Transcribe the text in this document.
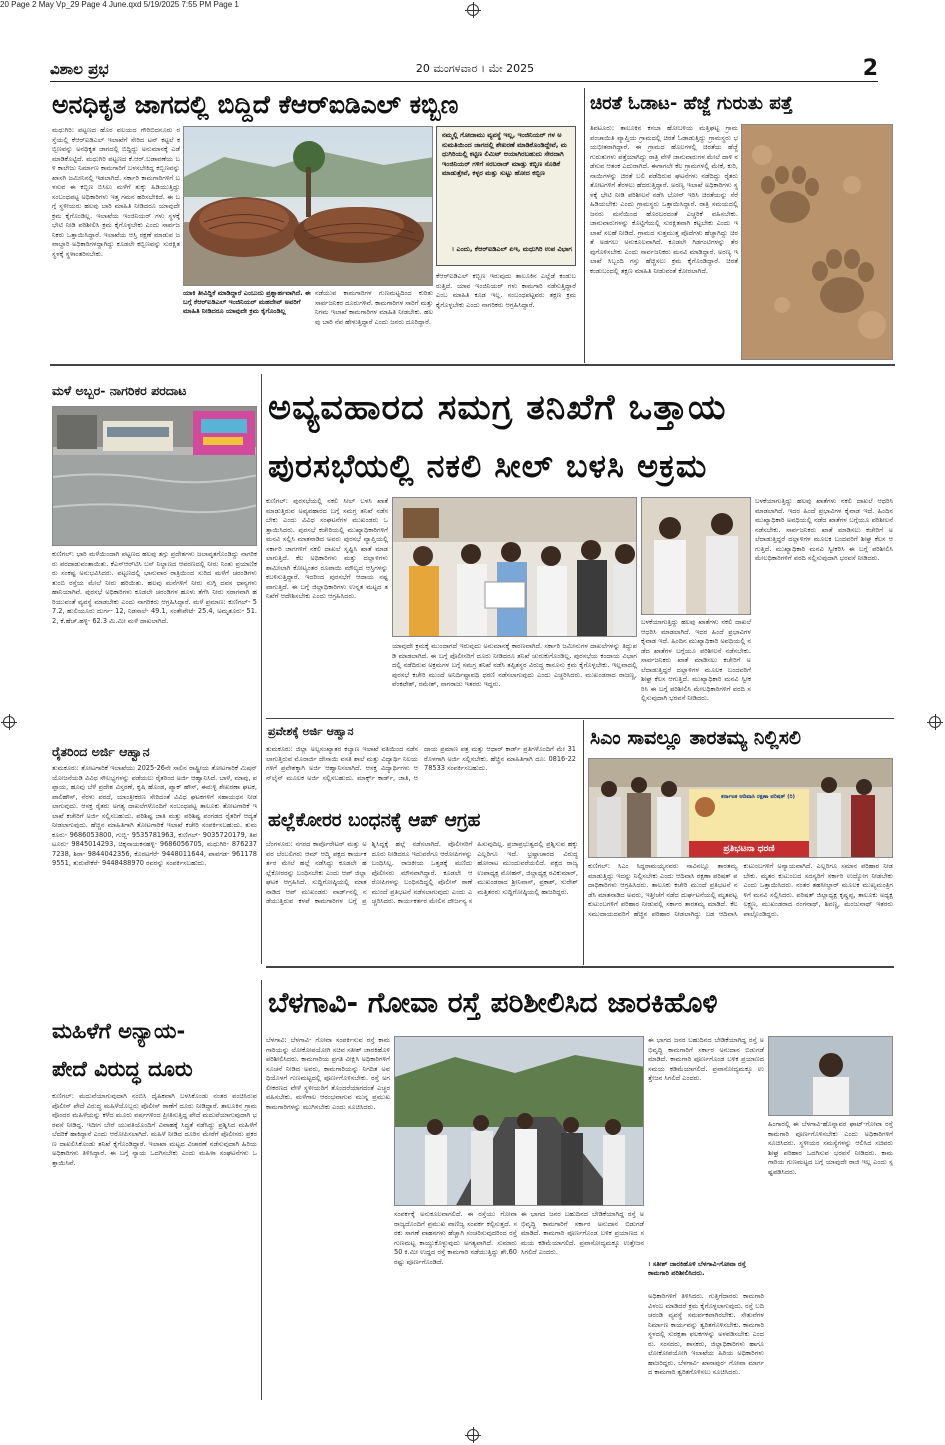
20 Page 2 May Vp_29 Page 4 June.qxd 5/19/2025 7:55 PM Page 1
ವಿಶಾಲ ಪ್ರಭ	20 ಮಂಗಳವಾರ । ಮೇ 2025	2
ಅನಧಿಕೃತ ಜಾಗದಲ್ಲಿ ಬಿದ್ದಿದೆ ಕೆಆರ್‌ಐಡಿಎಲ್ ಕಬ್ಬಿಣ
ಮಧುಗಿರಿ: ಪಟ್ಟಣದ ಹೊರ ವಲಯದ ಗೌರಿಬಿದನೂರು ರಸ್ತೆಯಲ್ಲಿ ಕೆಆರ್‌ಐಡಿಎಲ್ ಇಲಾಖೆಗೆ ಸೇರಿದ ಟನ್ ಕಟ್ಟಲೆ ಕಬ್ಬಿಣವನ್ನು ಅನಧಿಕೃತ ಜಾಗದಲ್ಲಿ ಬಿದ್ದಿದ್ದು ಅನುಮಾನಕ್ಕೆ ಎಡೆ ಮಾಡಿಕೊಟ್ಟಿದೆ. ಮಧುಗಿರಿ ಪಟ್ಟಣದ ಕೆ.ಆರ್.ಬಡಾವಣೆಯ ಬಳಿ ಕಾಲೇಜು ನಿರ್ಮಾಣ ಕಾಮಗಾರಿಗೆ ಬಳಸಬೇಕಿದ್ದ ಕಬ್ಬಿಣವನ್ನು ಖಾಸಗಿ ಜಮೀನಿನಲ್ಲಿ ಇಡಲಾಗಿದೆ. ಸರ್ಕಾರಿ ಕಾಮಗಾರಿಗಳಿಗೆ ಬಳಸುವ ಈ ಕಬ್ಬಿಣ ಬಿಸಿಲು ಮಳೆಗೆ ತುಕ್ಕು ಹಿಡಿಯುತ್ತಿದ್ದು ಸಂಬಂಧಪಟ್ಟ ಅಧಿಕಾರಿಗಳು ಇತ್ತ ಗಮನ ಹರಿಸಬೇಕಿದೆ. ಈ ಬಗ್ಗೆ ಸ್ಥಳೀಯರು ಹಲವು ಬಾರಿ ಮಾಹಿತಿ ನೀಡಿದರೂ ಯಾವುದೇ ಕ್ರಮ ಕೈಗೊಂಡಿಲ್ಲ. ಇಲಾಖೆಯ ಇಂಜಿನಿಯರ್ ಗಳು ಸ್ಥಳಕ್ಕೆ ಭೇಟಿ ನೀಡಿ ಪರಿಶೀಲಿಸಿ ಕ್ರಮ ಕೈಗೊಳ್ಳಬೇಕು ಎಂದು ಸಾರ್ವಜನಿಕರು ಒತ್ತಾಯಿಸಿದ್ದಾರೆ. ಇಲಾಖೆಯ ಆಸ್ತಿ ರಕ್ಷಣೆ ಮಾಡುವ ಜವಾಬ್ದಾರಿ ಅಧಿಕಾರಿಗಳದ್ದಾಗಿದ್ದು ಕೂಡಲೇ ಕಬ್ಬಿಣವನ್ನು ಸುರಕ್ಷಿತ ಸ್ಥಳಕ್ಕೆ ಸ್ಥಳಾಂತರಿಸಬೇಕು.
ನಮ್ಮಲ್ಲಿ ಗೋದಾಮು ವ್ಯವಸ್ಥೆ ಇಲ್ಲ, ಇಂಜಿನಿಯರ್ ಗಳ ಅನುಮತಿಯಿಂದ ಜಾಗದಲ್ಲಿ ಶೇಖರಣೆ ಮಾಡಿಕೊಂಡಿದ್ದೇವೆ, ಮಧುಗಿರಿಯಲ್ಲಿ ಕಟ್ಟಿಣ ಲಿಮಿಟ್ ಆಯಾಗಿರಬಹುದು ಸೇರದಾಗಿ ಇಂಜಿನಿಯರ್ ಗಳಿಗೆ ಸರಬರಾಜ್ ಮಾಡ್ತು ಕಬ್ಬಿಣ ನೊಡಿಕೆ ಮಾಡುತ್ತೇವೆ, ಕಳ್ಳರ ಮತ್ತು ಸುಟ್ಟು ಹೋದ ಕಬ್ಬಿಣ
। ಎಂದು, ಕೆಆರ್‌ಐಡಿಎಲ್ ಏಇ, ಮಧುಗಿರಿ ಉಪ ವಿಭಾಗ
ಯಾಕಿ ತೀವಿದ್ದಿಕೆ ಮಾಡಿದ್ದಾರೆ ಎಂಬುದು ಪ್ರಶ್ನಾರ್ಹವಾಗಿದೆ. ಈ ಬಗ್ಗೆ ಕೆಆರ್‌ಐಡಿಎಲ್ ಇಂಜಿನಿಯರ್ ಮಹದೇವ್ ಅವರಿಗೆ ಮಾಹಿತಿ ನೀಡಿದರೂ ಯಾವುದೇ ಕ್ರಮ ಕೈಗೊಂಡಿಲ್ಲ
ನಡೆಯುವ ಕಾಮಗಾರಿಗಳ ಗುಣಮಟ್ಟದಿಂದ ಕುರಿತು ಸಾರ್ವಜನಿಕರ ದೂರುಗಳಿವೆ. ಕಾಮಗಾರಿಗಳ ಸಾರಿಗೆ ಮತ್ತು ನಿಗಮ ಇಲಾಖೆ ಕಾಮಗಾರಿಗಳ ಮಾಹಿತಿ ನೀಡಬೇಕು. ಹಲವು ಬಾರಿ ನೆಪ ಹೇಳುತ್ತಿದ್ದಾರೆ ಎಂದು ಜನರು ದೂರಿದ್ದಾರೆ.
ಕೆಆರ್‌ಐಡಿಎಲ್ ಕಬ್ಬಿಣ ಇರುವುದು ತಾಲೂಕಿನ ಎಲ್ಲೆಡೆ ಕಂಡುಬರುತ್ತಿದೆ. ಯಾವ ಇಂಜಿನಿಯರ್ ಗಳು ಕಾಮಗಾರಿ ನಡೆಸುತ್ತಿದ್ದಾರೆ ಎಂಬ ಮಾಹಿತಿ ಕೂಡ ಇಲ್ಲ. ಸಂಬಂಧಪಟ್ಟವರು ತಕ್ಷಣ ಕ್ರಮ ಕೈಗೊಳ್ಳಬೇಕು ಎಂದು ನಾಗರಿಕರು ಆಗ್ರಹಿಸಿದ್ದಾರೆ.
ಚಿರತೆ ಓಡಾಟ- ಹೆಜ್ಜೆ ಗುರುತು ಪತ್ತೆ
ತಿಪಟೂರು: ತಾಲೂಕಿನ ಕಸಬಾ ಹೋಬಳಿಯ ಮತ್ತಿಘಟ್ಟ ಗ್ರಾಮ ಪಂಚಾಯಿತಿ ವ್ಯಾಪ್ತಿಯ ಗ್ರಾಮದಲ್ಲಿ ಚಿರತೆ ಓಡಾಡುತ್ತಿದ್ದು ಗ್ರಾಮಸ್ಥರು ಭಯಭೀತರಾಗಿದ್ದಾರೆ. ಈ ಗ್ರಾಮದ ಹೊಲಗಳಲ್ಲಿ ಚಿರತೆಯ ಹೆಜ್ಜೆ ಗುರುತುಗಳು ಪತ್ತೆಯಾಗಿದ್ದು ರಾತ್ರಿ ವೇಳೆ ಜಾನುವಾರುಗಳ ಮೇಲೆ ದಾಳಿ ನಡೆಸುವ ಆತಂಕ ಎದುರಾಗಿದೆ. ಈಗಾಗಲೇ ಕೆಲ ಗ್ರಾಮಗಳಲ್ಲಿ ಮೇಕೆ, ಕುರಿ, ನಾಯಿಗಳನ್ನು ಚಿರತೆ ಬಲಿ ಪಡೆದಿರುವ ಘಟನೆಗಳು ನಡೆದಿದ್ದು ರೈತರು ತೋಟಗಳಿಗೆ ತೆರಳಲು ಹೆದರುತ್ತಿದ್ದಾರೆ. ಅರಣ್ಯ ಇಲಾಖೆ ಅಧಿಕಾರಿಗಳು ಸ್ಥಳಕ್ಕೆ ಭೇಟಿ ನೀಡಿ ಪರಿಶೀಲನೆ ನಡೆಸಿ ಬೋನ್ ಇರಿಸಿ ಚಿರತೆಯನ್ನು ಸೆರೆ ಹಿಡಿಯಬೇಕು ಎಂದು ಗ್ರಾಮಸ್ಥರು ಒತ್ತಾಯಿಸಿದ್ದಾರೆ. ರಾತ್ರಿ ಸಮಯದಲ್ಲಿ ಜನರು ಮನೆಯಿಂದ ಹೊರಬರದಂತೆ ಎಚ್ಚರಿಕೆ ವಹಿಸಬೇಕು. ಜಾನುವಾರುಗಳನ್ನು ಕೊಟ್ಟಿಗೆಯಲ್ಲಿ ಸುರಕ್ಷಿತವಾಗಿ ಕಟ್ಟಬೇಕು ಎಂದು ಇಲಾಖೆ ಸಲಹೆ ನೀಡಿದೆ. ಗ್ರಾಮದ ಸುತ್ತಮುತ್ತ ಪೊದೆಗಳು ಹೆಚ್ಚಾಗಿದ್ದು ಚಿರತೆ ಅಡಗಲು ಅನುಕೂಲವಾಗಿದೆ. ಕೂಡಲೇ ಗಿಡಗಂಟಿಗಳನ್ನು ತೆರವುಗೊಳಿಸಬೇಕು ಎಂದು ಸಾರ್ವಜನಿಕರು ಮನವಿ ಮಾಡಿದ್ದಾರೆ. ಅರಣ್ಯ ಇಲಾಖೆ ಸಿಬ್ಬಂದಿ ಗಸ್ತು ಹೆಚ್ಚಿಸಲು ಕ್ರಮ ಕೈಗೊಂಡಿದ್ದಾರೆ. ಚಿರತೆ ಕಂಡುಬಂದಲ್ಲಿ ತಕ್ಷಣ ಮಾಹಿತಿ ನೀಡುವಂತೆ ಕೋರಲಾಗಿದೆ.
ಮಳೆ ಅಬ್ಬರ- ನಾಗರಿಕರ ಪರದಾಟ
ಕುಣಿಗಲ್: ಭಾರಿ ಮಳೆಯಿಂದಾಗಿ ಪಟ್ಟಣದ ಹಲವು ತಗ್ಗು ಪ್ರದೇಶಗಳು ಜಲಾವೃತಗೊಂಡಿದ್ದು ನಾಗರಿಕರು ಪರದಾಡುವಂತಾಯಿತು. ಕೆಎಸ್‌ಆರ್‌ಟಿಸಿ ಬಸ್ ನಿಲ್ದಾಣದ ಆವರಣದಲ್ಲಿ ನೀರು ನಿಂತು ಪ್ರಯಾಣಿಕರು ಸಂಕಷ್ಟ ಅನುಭವಿಸಿದರು. ಪಟ್ಟಣದಲ್ಲಿ ಭಾನುವಾರ ರಾತ್ರಿಯಿಂದ ಸುರಿದ ಮಳೆಗೆ ಚರಂಡಿಗಳು ತುಂಬಿ ರಸ್ತೆಯ ಮೇಲೆ ನೀರು ಹರಿಯಿತು. ಹಲವು ಮನೆಗಳಿಗೆ ನೀರು ನುಗ್ಗಿ ದವಸ ಧಾನ್ಯಗಳು ಹಾನಿಯಾಗಿವೆ. ಪುರಸಭೆ ಅಧಿಕಾರಿಗಳು ಕೂಡಲೇ ಚರಂಡಿಗಳ ಹೂಳು ತೆಗೆಸಿ ನೀರು ಸರಾಗವಾಗಿ ಹರಿಯುವಂತೆ ವ್ಯವಸ್ಥೆ ಮಾಡಬೇಕು ಎಂದು ನಾಗರಿಕರು ಆಗ್ರಹಿಸಿದ್ದಾರೆ. ಮಳೆ ಪ್ರಮಾಣ: ಕುಣಿಗಲ್- 57.2, ಹುಲಿಯೂರು ದುರ್ಗ- 12, ನಿಡಸಾಲೆ- 49.1, ಸಂತೇಪೇಟೆ- 25.4, ಅಮೃತೂರು- 51.2, ಕೆ.ಹೆಚ್.ಹಳ್ಳಿ- 62.3 ಮಿ.ಮೀ ಮಳೆ ದಾಖಲಾಗಿದೆ.
ರೈತರಿಂದ ಅರ್ಜಿ ಆಹ್ವಾನ
ತುಮಕೂರು: ತೋಟಗಾರಿಕೆ ಇಲಾಖೆಯು 2025-26ನೇ ಸಾಲಿನ ರಾಷ್ಟ್ರೀಯ ತೋಟಗಾರಿಕೆ ಮಿಷನ್ ಯೋಜನೆಯಡಿ ವಿವಿಧ ಸೌಲಭ್ಯಗಳನ್ನು ಪಡೆಯಲು ರೈತರಿಂದ ಅರ್ಜಿ ಆಹ್ವಾನಿಸಿದೆ. ಬಾಳೆ, ಮಾವು, ಪಪ್ಪಾಯ, ಹೂವು ಬೆಳೆ ಪ್ರದೇಶ ವಿಸ್ತರಣೆ, ಕೃಷಿ ಹೊಂಡ, ಪ್ಯಾಕ್ ಹೌಸ್, ಈರುಳ್ಳಿ ಶೇಖರಣಾ ಘಟಕ, ಪಾಲಿಹೌಸ್, ನೆರಳು ಪರದೆ, ಯಾಂತ್ರೀಕರಣ ಸೇರಿದಂತೆ ವಿವಿಧ ಘಟಕಗಳಿಗೆ ಸಹಾಯಧನ ನೀಡಲಾಗುವುದು. ಆಸಕ್ತ ರೈತರು ಅಗತ್ಯ ದಾಖಲೆಗಳೊಂದಿಗೆ ಸಂಬಂಧಪಟ್ಟ ತಾಲೂಕು ತೋಟಗಾರಿಕೆ ಇಲಾಖೆ ಕಚೇರಿಗೆ ಅರ್ಜಿ ಸಲ್ಲಿಸಬಹುದು. ಪರಿಶಿಷ್ಟ ಜಾತಿ ಮತ್ತು ಪರಿಶಿಷ್ಟ ಪಂಗಡದ ರೈತರಿಗೆ ಆದ್ಯತೆ ನೀಡಲಾಗುವುದು. ಹೆಚ್ಚಿನ ಮಾಹಿತಿಗಾಗಿ ತೋಟಗಾರಿಕೆ ಇಲಾಖೆ ಕಚೇರಿ ಸಂಪರ್ಕಿಸಬಹುದು. ತುಮಕೂರು- 9686053800, ಗುಬ್ಬಿ- 9535781963, ಕುಣಿಗಲ್- 9035720179, ತಿಪಟೂರು- 9845014293, ಚಿಕ್ಕನಾಯಕನಹಳ್ಳಿ- 9686056705, ಮಧುಗಿರಿ- 8762377238, ಶಿರಾ- 9844042356, ಕೊರಟಗೆರೆ- 9448011644, ಪಾವಗಡ- 9611789551, ತುರುವೇಕೆರೆ- 9448488970 ರವರನ್ನು ಸಂಪರ್ಕಿಸಬಹುದು.
ಅವ್ಯವಹಾರದ ಸಮಗ್ರ ತನಿಖೆಗೆ ಒತ್ತಾಯ
ಪುರಸಭೆಯಲ್ಲಿ ನಕಲಿ ಸೀಲ್ ಬಳಸಿ ಅಕ್ರಮ
ಕುಣಿಗಲ್: ಪುರಸಭೆಯಲ್ಲಿ ನಕಲಿ ಸೀಲ್ ಬಳಸಿ ಖಾತೆ ಮಾಡುತ್ತಿರುವ ಅವ್ಯವಹಾರದ ಬಗ್ಗೆ ಸಮಗ್ರ ತನಿಖೆ ನಡೆಸಬೇಕು ಎಂದು ವಿವಿಧ ಸಂಘಟನೆಗಳ ಮುಖಂಡರು ಒತ್ತಾಯಿಸಿದರು. ಪುರಸಭೆ ಕಚೇರಿಯಲ್ಲಿ ಮುಖ್ಯಾಧಿಕಾರಿಗಳಿಗೆ ಮನವಿ ಸಲ್ಲಿಸಿ ಮಾತನಾಡಿದ ಅವರು ಪುರಸಭೆ ವ್ಯಾಪ್ತಿಯಲ್ಲಿ ಸರ್ಕಾರಿ ಜಾಗಗಳಿಗೆ ನಕಲಿ ದಾಖಲೆ ಸೃಷ್ಟಿಸಿ ಖಾತೆ ಮಾಡಲಾಗುತ್ತಿದೆ. ಕೆಲ ಅಧಿಕಾರಿಗಳು ಮತ್ತು ದಲ್ಲಾಳಿಗಳು ಶಾಮೀಲಾಗಿ ಕೋಟ್ಯಂತರ ರೂಪಾಯಿ ಮೌಲ್ಯದ ಆಸ್ತಿಗಳನ್ನು ಕಬಳಿಸುತ್ತಿದ್ದಾರೆ. ಇದರಿಂದ ಪುರಸಭೆಗೆ ಆದಾಯ ನಷ್ಟವಾಗುತ್ತಿದೆ. ಈ ಬಗ್ಗೆ ಜಿಲ್ಲಾಧಿಕಾರಿಗಳು ಉನ್ನತ ಮಟ್ಟದ ತನಿಖೆಗೆ ಆದೇಶಿಸಬೇಕು ಎಂದು ಆಗ್ರಹಿಸಿದರು.
ಯಾವುದೇ ಕ್ರಮಕ್ಕೆ ಮುಂದಾಗದೆ ಇರುವುದು ಅನುಮಾನಕ್ಕೆ ಕಾರಣವಾಗಿದೆ. ಸರ್ಕಾರಿ ಜಮೀನುಗಳ ದಾಖಲೆಗಳನ್ನು ತಿದ್ದುಪಡಿ ಮಾಡಲಾಗಿದೆ. ಈ ಬಗ್ಗೆ ಪೊಲೀಸರಿಗೆ ದೂರು ನೀಡಿದರೂ ತನಿಖೆ ಚುರುಕುಗೊಂಡಿಲ್ಲ. ಪುರಸಭೆಯ ಕಂದಾಯ ವಿಭಾಗದಲ್ಲಿ ನಡೆದಿರುವ ಅಕ್ರಮಗಳ ಬಗ್ಗೆ ಸಮಗ್ರ ತನಿಖೆ ನಡೆಸಿ ತಪ್ಪಿತಸ್ಥರ ವಿರುದ್ಧ ಕಾನೂನು ಕ್ರಮ ಕೈಗೊಳ್ಳಬೇಕು. ಇಲ್ಲವಾದಲ್ಲಿ ಪುರಸಭೆ ಕಚೇರಿ ಮುಂದೆ ಅನಿರ್ದಿಷ್ಟಾವಧಿ ಧರಣಿ ನಡೆಸಲಾಗುವುದು ಎಂದು ಎಚ್ಚರಿಸಿದರು. ಮುಖಂಡರಾದ ರಾಜಣ್ಣ, ವೆಂಕಟೇಶ್, ರಮೇಶ್, ನಾಗರಾಜು ಇತರರು ಇದ್ದರು.
ಬಳಕೆಯಾಗುತ್ತಿದ್ದು ಹಲವು ಖಾತೆಗಳು ನಕಲಿ ದಾಖಲೆ ಆಧರಿಸಿ ಮಾಡಲಾಗಿದೆ. ಇದರ ಹಿಂದೆ ಪ್ರಭಾವಿಗಳ ಕೈವಾಡ ಇದೆ. ಹಿಂದಿನ ಮುಖ್ಯಾಧಿಕಾರಿ ಅವಧಿಯಲ್ಲಿ ನಡೆದ ಖಾತೆಗಳ ಬಗ್ಗೆಯೂ ಪರಿಶೀಲನೆ ನಡೆಸಬೇಕು. ಸಾರ್ವಜನಿಕರು ಖಾತೆ ಮಾಡಿಸಲು ಕಚೇರಿಗೆ ಅಲೆದಾಡುತ್ತಿದ್ದರೆ ದಲ್ಲಾಳಿಗಳ ಮೂಲಕ ಬಂದವರಿಗೆ ಶೀಘ್ರ ಕೆಲಸ ಆಗುತ್ತಿದೆ. ಮುಖ್ಯಾಧಿಕಾರಿ ಮನವಿ ಸ್ವೀಕರಿಸಿ ಈ ಬಗ್ಗೆ ಪರಿಶೀಲಿಸಿ ಮೇಲಧಿಕಾರಿಗಳಿಗೆ ವರದಿ ಸಲ್ಲಿಸುವುದಾಗಿ ಭರವಸೆ ನೀಡಿದರು.
ಬಳಕೆಯಾಗುತ್ತಿದ್ದು ಹಲವು ಖಾತೆಗಳು ನಕಲಿ ದಾಖಲೆ ಆಧರಿಸಿ ಮಾಡಲಾಗಿದೆ. ಇದರ ಹಿಂದೆ ಪ್ರಭಾವಿಗಳ ಕೈವಾಡ ಇದೆ. ಹಿಂದಿನ ಮುಖ್ಯಾಧಿಕಾರಿ ಅವಧಿಯಲ್ಲಿ ನಡೆದ ಖಾತೆಗಳ ಬಗ್ಗೆಯೂ ಪರಿಶೀಲನೆ ನಡೆಸಬೇಕು. ಸಾರ್ವಜನಿಕರು ಖಾತೆ ಮಾಡಿಸಲು ಕಚೇರಿಗೆ ಅಲೆದಾಡುತ್ತಿದ್ದರೆ ದಲ್ಲಾಳಿಗಳ ಮೂಲಕ ಬಂದವರಿಗೆ ಶೀಘ್ರ ಕೆಲಸ ಆಗುತ್ತಿದೆ. ಮುಖ್ಯಾಧಿಕಾರಿ ಮನವಿ ಸ್ವೀಕರಿಸಿ ಈ ಬಗ್ಗೆ ಪರಿಶೀಲಿಸಿ ಮೇಲಧಿಕಾರಿಗಳಿಗೆ ವರದಿ ಸಲ್ಲಿಸುವುದಾಗಿ ಭರವಸೆ ನೀಡಿದರು.
ಪ್ರವೇಶಕ್ಕೆ ಅರ್ಜಿ ಆಹ್ವಾನ
ತುಮಕೂರು: ಜಿಲ್ಲಾ ಅಲ್ಪಸಂಖ್ಯಾತರ ಕಲ್ಯಾಣ ಇಲಾಖೆ ವತಿಯಿಂದ ನಡೆಸಲಾಗುತ್ತಿರುವ ಮೊರಾರ್ಜಿ ದೇಸಾಯಿ ವಸತಿ ಶಾಲೆ ಮತ್ತು ವಿದ್ಯಾರ್ಥಿ ನಿಲಯಗಳಿಗೆ ಪ್ರವೇಶಕ್ಕಾಗಿ ಅರ್ಜಿ ಆಹ್ವಾನಿಸಲಾಗಿದೆ. ಆಸಕ್ತ ವಿದ್ಯಾರ್ಥಿಗಳು ಆನ್‌ಲೈನ್ ಮೂಲಕ ಅರ್ಜಿ ಸಲ್ಲಿಸಬಹುದು. ಮಾರ್ಕ್ಸ್ ಕಾರ್ಡ್, ಜಾತಿ, ಆದಾಯ ಪ್ರಮಾಣ ಪತ್ರ ಮತ್ತು ಆಧಾರ್ ಕಾರ್ಡ್ ಪ್ರತಿಗಳೊಂದಿಗೆ ಮೇ 31ರೊಳಗಾಗಿ ಅರ್ಜಿ ಸಲ್ಲಿಸಬೇಕು. ಹೆಚ್ಚಿನ ಮಾಹಿತಿಗಾಗಿ ದೂ: 0816-2278533 ಸಂಪರ್ಕಿಸಬಹುದು.
ಸಿಎಂ ಸಾವಲ್ಲೂ ತಾರತಮ್ಯ ನಿಲ್ಲಿಸಲಿ
ಕರ್ನಾಟಕ ಆದಿವಾಸಿ ರಕ್ಷಣಾ ಪರಿಷತ್ (ರಿ)
ಪ್ರತಿಭಟನಾ ಧರಣಿ
ಕುಣಿಗಲ್: ಸಿಎಂ ಸಿದ್ದರಾಮಯ್ಯನವರು ಸಾವಿನಲ್ಲೂ ತಾರತಮ್ಯ ಮಾಡುತ್ತಿದ್ದು ಇದನ್ನು ನಿಲ್ಲಿಸಬೇಕು ಎಂದು ಆದಿವಾಸಿ ರಕ್ಷಣಾ ಪರಿಷತ್ ಪದಾಧಿಕಾರಿಗಳು ಆಗ್ರಹಿಸಿದರು. ತಾಲೂಕು ಕಚೇರಿ ಮುಂದೆ ಪ್ರತಿಭಟನೆ ನಡೆಸಿ ಮಾತನಾಡಿದ ಅವರು, ಇತ್ತೀಚೆಗೆ ನಡೆದ ದುರ್ಘಟನೆಯಲ್ಲಿ ಮೃತಪಟ್ಟ ಕುಟುಂಬಗಳಿಗೆ ಪರಿಹಾರ ನೀಡುವಲ್ಲಿ ಸರ್ಕಾರ ತಾರತಮ್ಯ ಮಾಡಿದೆ. ಕೆಲ ಸಮುದಾಯದವರಿಗೆ ಹೆಚ್ಚಿನ ಪರಿಹಾರ ನೀಡಲಾಗಿದ್ದು ಬಡ ಆದಿವಾಸಿ ಕುಟುಂಬಗಳಿಗೆ ಅನ್ಯಾಯವಾಗಿದೆ. ಎಲ್ಲರಿಗೂ ಸಮಾನ ಪರಿಹಾರ ನೀಡಬೇಕು. ಮೃತರ ಕುಟುಂಬದ ಸದಸ್ಯರಿಗೆ ಸರ್ಕಾರಿ ಉದ್ಯೋಗ ನೀಡಬೇಕು ಎಂದು ಒತ್ತಾಯಿಸಿದರು. ನಂತರ ತಹಸೀಲ್ದಾರ್ ಮೂಲಕ ಮುಖ್ಯಮಂತ್ರಿಗಳಿಗೆ ಮನವಿ ಸಲ್ಲಿಸಿದರು. ಪರಿಷತ್ ಜಿಲ್ಲಾಧ್ಯಕ್ಷ ಕೃಷ್ಣಪ್ಪ, ತಾಲೂಕು ಅಧ್ಯಕ್ಷ ಲಕ್ಷ್ಮಣ, ಮುಖಂಡರಾದ ರಂಗನಾಥ್, ಶಿವಣ್ಣ, ಮಂಜುನಾಥ್ ಇತರರು ಪಾಲ್ಗೊಂಡಿದ್ದರು.
ಹಲ್ಲೆಕೋರರ ಬಂಧನಕ್ಕೆ ಆಪ್ ಆಗ್ರಹ
ಬೆಂಗಳೂರು: ನಗರದ ಕಾರ್ಪೊರೇಟರ್ ಮತ್ತು ಅವರ ಬೆಂಬಲಿಗರು ಆಮ್ ಆದ್ಮಿ ಪಕ್ಷದ ಕಾರ್ಯಕರ್ತರ ಮೇಲೆ ಹಲ್ಲೆ ನಡೆಸಿದ್ದು ಕೂಡಲೇ ಹಲ್ಲೆಕೋರರನ್ನು ಬಂಧಿಸಬೇಕು ಎಂದು ಆಪ್ ಜಿಲ್ಲಾ ಘಟಕ ಆಗ್ರಹಿಸಿದೆ. ಸುದ್ದಿಗೋಷ್ಠಿಯಲ್ಲಿ ಮಾತನಾಡಿದ ಆಪ್ ಮುಖಂಡರು ವಾರ್ಡ್‌ನಲ್ಲಿ ನಡೆಯುತ್ತಿರುವ ಕಳಪೆ ಕಾಮಗಾರಿಗಳ ಬಗ್ಗೆ ಪ್ರಶ್ನಿಸಿದ್ದಕ್ಕೆ ಹಲ್ಲೆ ನಡೆಸಲಾಗಿದೆ. ಪೊಲೀಸರಿಗೆ ದೂರು ನೀಡಿದರೂ ಇದುವರೆಗೂ ಆರೋಪಿಗಳನ್ನು ಬಂಧಿಸಿಲ್ಲ. ರಾಜಕೀಯ ಒತ್ತಡಕ್ಕೆ ಮಣಿದು ಪೊಲೀಸರು ಮೌನವಾಗಿದ್ದಾರೆ. ಕೂಡಲೇ ಆರೋಪಿಗಳನ್ನು ಬಂಧಿಸದಿದ್ದಲ್ಲಿ ಪೊಲೀಸ್ ಠಾಣೆ ಮುಂದೆ ಪ್ರತಿಭಟನೆ ನಡೆಸಲಾಗುವುದು ಎಂದು ಎಚ್ಚರಿಸಿದರು. ಕಾರ್ಯಕರ್ತರ ಮೇಲಿನ ದೌರ್ಜನ್ಯ ಸಹಿಸುವುದಿಲ್ಲ. ಪ್ರಜಾಪ್ರಭುತ್ವದಲ್ಲಿ ಪ್ರಶ್ನಿಸುವ ಹಕ್ಕು ಎಲ್ಲರಿಗೂ ಇದೆ. ಭ್ರಷ್ಟಾಚಾರದ ವಿರುದ್ಧ ಹೋರಾಟ ಮುಂದುವರೆಯಲಿದೆ. ಪಕ್ಷದ ರಾಜ್ಯ ಉಪಾಧ್ಯಕ್ಷ ಮೋಹನ್, ಜಿಲ್ಲಾಧ್ಯಕ್ಷ ರವಿಕುಮಾರ್, ಮುಖಂಡರಾದ ಶ್ರೀನಿವಾಸ್, ಪ್ರಕಾಶ್, ಸುರೇಶ್ ಮತ್ತಿತರರು ಸುದ್ದಿಗೋಷ್ಠಿಯಲ್ಲಿ ಹಾಜರಿದ್ದರು.
ಮಹಿಳೆಗೆ ಅನ್ಯಾಯ-
ಪೇದೆ ವಿರುದ್ಧ ದೂರು
ಕುಣಿಗಲ್: ಮದುವೆಯಾಗುವುದಾಗಿ ನಂಬಿಸಿ ದೈಹಿಕವಾಗಿ ಬಳಸಿಕೊಂಡು ನಂತರ ವಂಚಿಸಿರುವ ಪೊಲೀಸ್ ಪೇದೆ ವಿರುದ್ಧ ಮಹಿಳೆಯೊಬ್ಬರು ಪೊಲೀಸ್ ಠಾಣೆಗೆ ದೂರು ನೀಡಿದ್ದಾರೆ. ತಾಲೂಕಿನ ಗ್ರಾಮವೊಂದರ ಮಹಿಳೆಯನ್ನು ಕಳೆದ ಮೂರು ವರ್ಷಗಳಿಂದ ಪ್ರೀತಿಸುತ್ತಿದ್ದ ಪೇದೆ ಮದುವೆಯಾಗುವುದಾಗಿ ಭರವಸೆ ನೀಡಿದ್ದ. ಇದೀಗ ಬೇರೆ ಯುವತಿಯೊಂದಿಗೆ ವಿವಾಹಕ್ಕೆ ಸಿದ್ಧತೆ ನಡೆಸಿದ್ದು ಪ್ರಶ್ನಿಸಿದ ಮಹಿಳೆಗೆ ಬೆದರಿಕೆ ಹಾಕಿದ್ದಾನೆ ಎಂದು ಆರೋಪಿಸಲಾಗಿದೆ. ಮಹಿಳೆ ನೀಡಿದ ದೂರಿನ ಮೇರೆಗೆ ಪೊಲೀಸರು ಪ್ರಕರಣ ದಾಖಲಿಸಿಕೊಂಡು ತನಿಖೆ ಕೈಗೊಂಡಿದ್ದಾರೆ. ಇಲಾಖಾ ಮಟ್ಟದ ವಿಚಾರಣೆ ನಡೆಸುವುದಾಗಿ ಹಿರಿಯ ಅಧಿಕಾರಿಗಳು ತಿಳಿಸಿದ್ದಾರೆ. ಈ ಬಗ್ಗೆ ನ್ಯಾಯ ಒದಗಿಸಬೇಕು ಎಂದು ಮಹಿಳಾ ಸಂಘಟನೆಗಳು ಒತ್ತಾಯಿಸಿವೆ.
ಬೆಳಗಾವಿ- ಗೋವಾ ರಸ್ತೆ ಪರಿಶೀಲಿಸಿದ ಜಾರಕಿಹೊಳಿ
ಬೆಳಗಾವಿ: ಬೆಳಗಾವಿ- ಗೋವಾ ಸಂಪರ್ಕಿಸುವ ರಸ್ತೆ ಕಾಮಗಾರಿಯನ್ನು ಲೋಕೋಪಯೋಗಿ ಸಚಿವ ಸತೀಶ್ ಜಾರಕಿಹೊಳಿ ಪರಿಶೀಲಿಸಿದರು. ಕಾಮಗಾರಿಯ ಪ್ರಗತಿ ವೀಕ್ಷಿಸಿ ಅಧಿಕಾರಿಗಳಿಗೆ ಸೂಚನೆ ನೀಡಿದ ಅವರು, ಕಾಮಗಾರಿಯನ್ನು ನಿಗದಿತ ಅವಧಿಯೊಳಗೆ ಗುಣಮಟ್ಟದಲ್ಲಿ ಪೂರ್ಣಗೊಳಿಸಬೇಕು. ರಸ್ತೆ ಅಗಲೀಕರಣದ ವೇಳೆ ಸ್ಥಳೀಯರಿಗೆ ತೊಂದರೆಯಾಗದಂತೆ ಎಚ್ಚರ ವಹಿಸಬೇಕು. ಮಳೆಗಾಲ ಆರಂಭವಾಗುವ ಮುನ್ನ ಪ್ರಮುಖ ಕಾಮಗಾರಿಗಳನ್ನು ಮುಗಿಸಬೇಕು ಎಂದು ಸೂಚಿಸಿದರು.
ಸಂಪರ್ಕಕ್ಕೆ ಅನುಕೂಲವಾಗಲಿದೆ. ಈ ರಸ್ತೆಯು ಗೋವಾ ರಾಜ್ಯದೊಂದಿಗೆ ಪ್ರಮುಖ ವಾಣಿಜ್ಯ ಸಂಪರ್ಕ ಕಲ್ಪಿಸುತ್ತದೆ. ಸರಕು ಸಾಗಣೆ ವಾಹನಗಳು ಹೆಚ್ಚಾಗಿ ಸಂಚರಿಸುವುದರಿಂದ ರಸ್ತೆ ಗುಣಮಟ್ಟ ಕಾಯ್ದುಕೊಳ್ಳುವುದು ಅಗತ್ಯವಾಗಿದೆ. ಸುಮಾರು 50 ಕಿ.ಮೀ ಉದ್ದದ ರಸ್ತೆ ಕಾಮಗಾರಿ ನಡೆಯುತ್ತಿದ್ದು ಶೇ.60ರಷ್ಟು ಪೂರ್ಣಗೊಂಡಿದೆ.
ಈ ಭಾಗದ ಜನರ ಬಹುದಿನದ ಬೇಡಿಕೆಯಾಗಿದ್ದ ರಸ್ತೆ ಅಭಿವೃದ್ಧಿ ಕಾಮಗಾರಿಗೆ ಸರ್ಕಾರ ಅನುದಾನ ಬಿಡುಗಡೆ ಮಾಡಿದೆ. ಕಾಮಗಾರಿ ಪೂರ್ಣಗೊಂಡ ಬಳಿಕ ಪ್ರಯಾಣದ ಸಮಯ ಕಡಿಮೆಯಾಗಲಿದೆ. ಪ್ರವಾಸೋದ್ಯಮಕ್ಕೂ ಉತ್ತೇಜನ ಸಿಗಲಿದೆ ಎಂದರು.
ಈ ಭಾಗದ ಜನರ ಬಹುದಿನದ ಬೇಡಿಕೆಯಾಗಿದ್ದ ರಸ್ತೆ ಅಭಿವೃದ್ಧಿ ಕಾಮಗಾರಿಗೆ ಸರ್ಕಾರ ಅನುದಾನ ಬಿಡುಗಡೆ ಮಾಡಿದೆ. ಕಾಮಗಾರಿ ಪೂರ್ಣಗೊಂಡ ಬಳಿಕ ಪ್ರಯಾಣದ ಸಮಯ ಕಡಿಮೆಯಾಗಲಿದೆ. ಪ್ರವಾಸೋದ್ಯಮಕ್ಕೂ ಉತ್ತೇಜನ ಸಿಗಲಿದೆ ಎಂದರು.
। ಸತೀಶ್ ಜಾರಕಿಹೊಳಿ ಬೆಳಗಾವಿ-ಗೋವಾ ರಸ್ತೆ ಕಾಮಗಾರಿ ಪರಿಶೀಲಿಸಿದರು.
ಅಧಿಕಾರಿಗಳಿಗೆ ತಿಳಿಸಿದರು. ಗುತ್ತಿಗೆದಾರರು ಕಾಮಗಾರಿ ವಿಳಂಬ ಮಾಡಿದರೆ ಕ್ರಮ ಕೈಗೊಳ್ಳಲಾಗುವುದು. ರಸ್ತೆ ಬದಿ ಚರಂಡಿ ವ್ಯವಸ್ಥೆ ಸಮರ್ಪಕವಾಗಿರಬೇಕು. ಸೇತುವೆಗಳ ನಿರ್ಮಾಣ ಕಾರ್ಯವನ್ನು ತ್ವರಿತಗೊಳಿಸಬೇಕು. ಕಾಮಗಾರಿ ಸ್ಥಳದಲ್ಲಿ ಸುರಕ್ಷತಾ ಫಲಕಗಳನ್ನು ಅಳವಡಿಸಬೇಕು ಎಂದರು. ಸಂಸದರು, ಶಾಸಕರು, ಜಿಲ್ಲಾಧಿಕಾರಿಗಳು ಹಾಗೂ ಲೋಕೋಪಯೋಗಿ ಇಲಾಖೆಯ ಹಿರಿಯ ಅಧಿಕಾರಿಗಳು ಹಾಜರಿದ್ದರು. ಬೆಳಗಾವಿ- ಖಾನಾಪುರ- ಗೋವಾ ಮಾರ್ಗದ ಕಾಮಗಾರಿ ತ್ವರಿತಗೊಳಿಸಲು ಸೂಚಿಸಿದರು.
ಹಿಂಗಾರಲ್ಲಿ ಈ ಬೆಳಗಾವಿ-ಹೊನ್ನಾವರ ಘಾಟ್-ಗೋವಾ ರಸ್ತೆ ಕಾಮಗಾರಿ ಪೂರ್ಣಗೊಳಿಸಬೇಕು ಎಂದು ಅಧಿಕಾರಿಗಳಿಗೆ ಸೂಚಿಸಿದರು. ಸ್ಥಳೀಯರ ಸಮಸ್ಯೆಗಳನ್ನು ಆಲಿಸಿದ ಸಚಿವರು ಶೀಘ್ರ ಪರಿಹಾರ ಒದಗಿಸುವ ಭರವಸೆ ನೀಡಿದರು. ಕಾಮಗಾರಿಯ ಗುಣಮಟ್ಟದ ಬಗ್ಗೆ ಯಾವುದೇ ರಾಜಿ ಇಲ್ಲ ಎಂದು ಸ್ಪಷ್ಟಪಡಿಸಿದರು.
